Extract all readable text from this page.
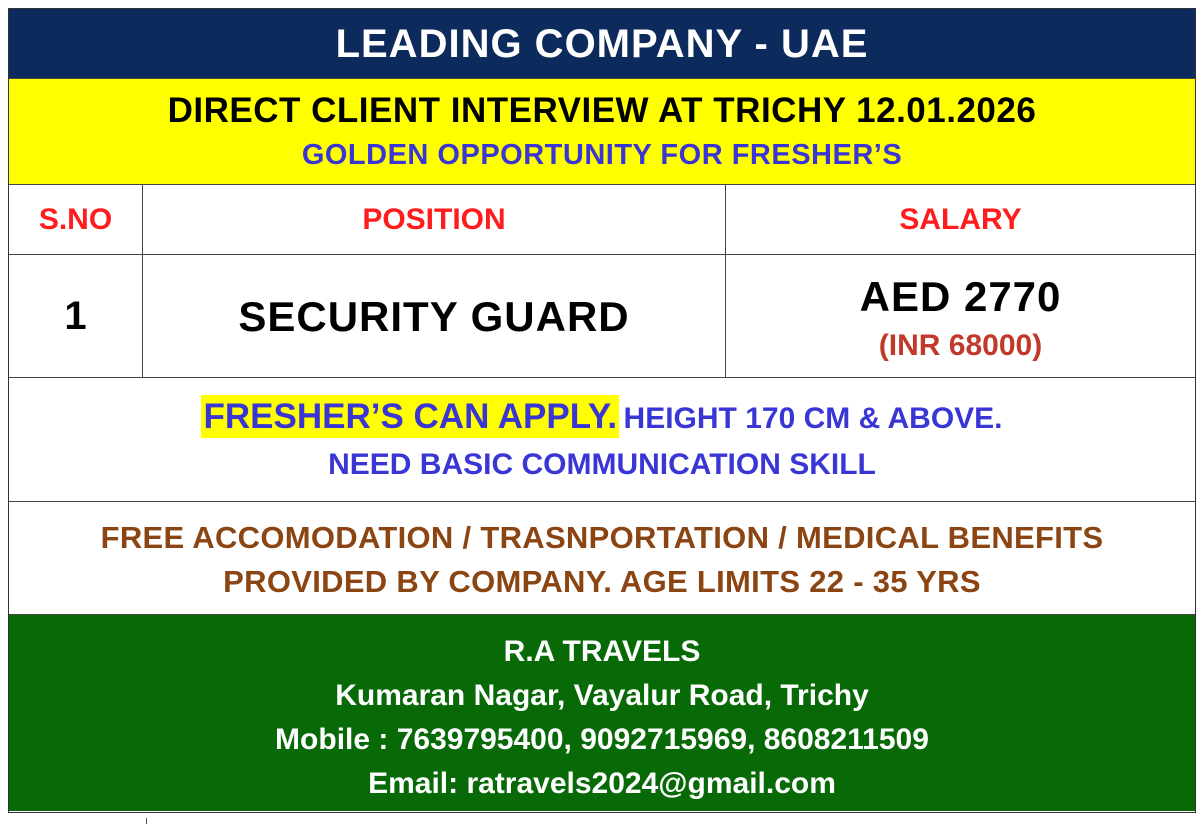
LEADING COMPANY - UAE
DIRECT CLIENT INTERVIEW AT TRICHY 12.01.2026
GOLDEN OPPORTUNITY FOR FRESHER’S
S.NO	POSITION	SALARY
1	SECURITY GUARD	AED 2770
(INR 68000)
FRESHER’S CAN APPLY. HEIGHT 170 CM & ABOVE.
NEED BASIC COMMUNICATION SKILL
FREE ACCOMODATION / TRASNPORTATION / MEDICAL BENEFITS
PROVIDED BY COMPANY. AGE LIMITS 22 - 35 YRS
R.A TRAVELS
Kumaran Nagar, Vayalur Road, Trichy
Mobile : 7639795400, 9092715969, 8608211509
Email: ratravels2024@gmail.com
